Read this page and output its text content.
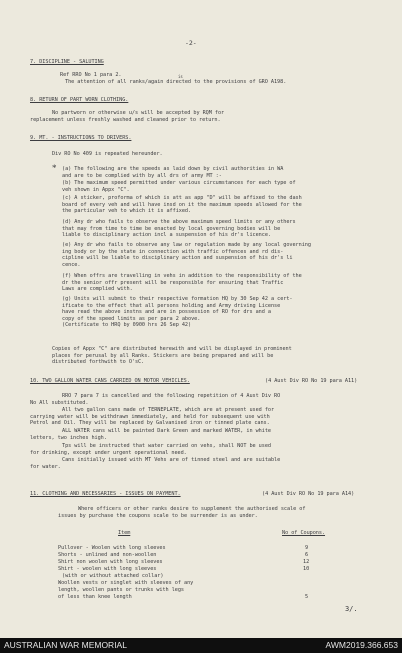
-2-
7. DISCIPLINE - SALUTING
Ref RRO No 1 para 2.	is
The attention of all ranks/again directed to the provisions of GRO A198.
8. RETURN OF PART WORN CLOTHING.
No partworn or otherwise u/s will be accepted by RQM for
replacement unless freshly washed and cleaned prior to return.
9. MT. - INSTRUCTIONS TO DRIVERS.
Div RO No 409 is repeated hereunder.
* (a) The following are the speeds as laid down by civil authorities in WA
and are to be complied with by all drs of army MT :-
(b) The maximum speed permitted under various circumstances for each type of
veh shown in Appx "C".
(c) A sticker, proforma of which is att as app "D" will be affixed to the dash
board of every veh and will have insd on it the maximum speeds allowed for the
the particular veh to which it is affixed.
(d) Any dr who fails to observe the above maximum speed limits or any others
that may from time to time be enacted by local governing bodies will be
liable to disciplinary action incl a suspension of his dr's licence.
(e) Any dr who fails to observe any law or regulation made by any local governing
ing body or by the state in connection with traffic offences and rd dis-
cipline will be liable to disciplinary action and suspension of his dr's li
cence.
(f) When offrs are travelling in vehs in addition to the responsibility of the
dr the senior offr present will be responsible for ensuring that Traffic
Laws are complied with.
(g) Units will submit to their respective formation HQ by 30 Sep 42 a cert-
ificate to the effect that all persons holding and Army driving License
have read the above instns and are in possession of RO for drs and a
copy of the speed limits as per para 2 above.
(Certificate to HRQ by 0900 hrs 26 Sep 42)
Copies of Appx "C" are distributed herewith and will be displayed in prominent
places for perusal by all Ranks. Stickers are being prepared and will be
distributed forthwith to O'sC.
10. TWO GALLON WATER CANS CARRIED ON MOTOR VEHICLES.	(4 Aust Div RO No 19 para A11)
RRO 7 para 7 is cancelled and the following repetition of 4 Aust Div RO
No All substituted.
All two gallon cans made of TERNEPLATE, which are at present used for
carrying water will be withdrawn immediately, and held for subsequent use with
Petrol and Oil. They will be replaced by Galvanised iron or tinned plate cans.
ALL WATER cans will be painted Dark Green and marked WATER, in white
letters, two inches high.
Tps will be instructed that water carried on vehs, shall NOT be used
for drinking, except under urgent operational need.
Cans initially issued with MT Vehs are of tinned steel and are suitable
for water.
11. CLOTHING AND NECESSARIES - ISSUES ON PAYMENT.	(4 Aust Div RO No 19 para A14)
Where officers or other ranks desire to supplement the authorised scale of
issues by purchase the coupons scale to be surrender is as under.
Item	No of Coupons.
Pullover - Woolen with long sleeves	9
Shorts - unlined and non-woollen	6
Shirt non woolen with long sleeves	12
Shirt - woolen with long sleeves	10
(with or without attached collar)
Woollen vests or singlet with sleeves of any
length, woollen pants or trunks with legs
of less than knee length	5
3/.
AUSTRALIAN WAR MEMORIAL	AWM2019.366.653
